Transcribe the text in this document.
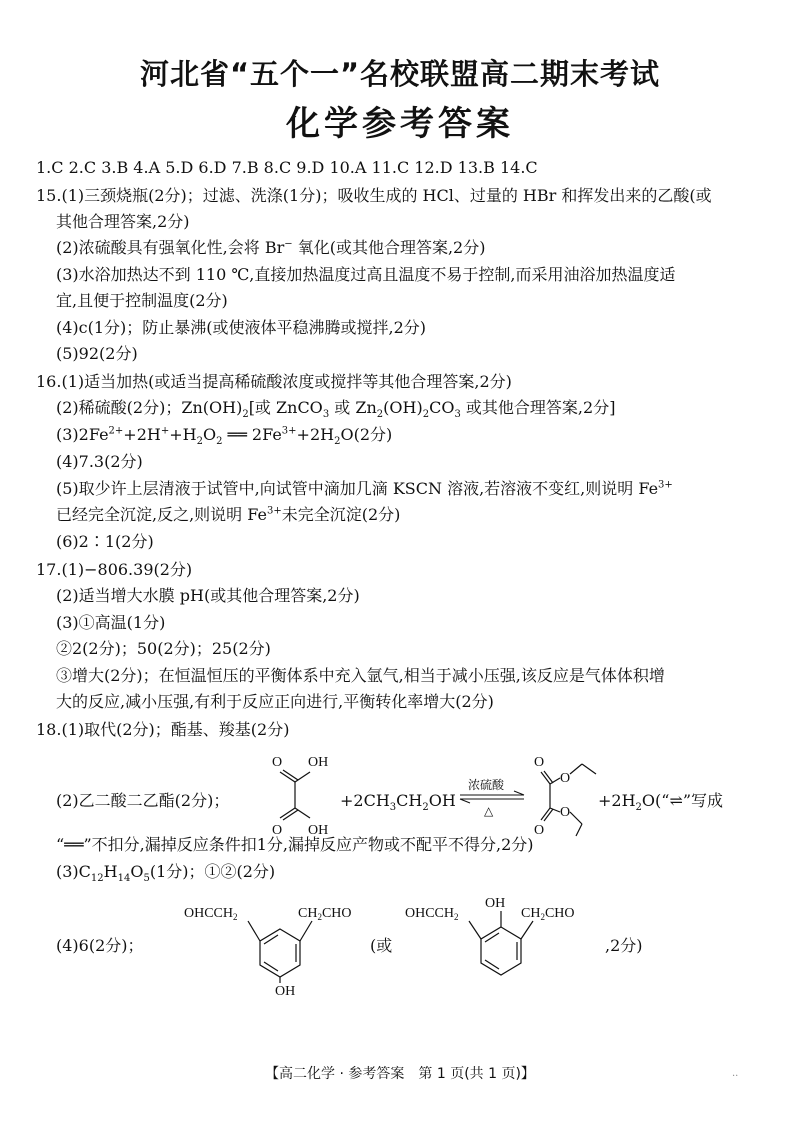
河北省“五个一”名校联盟高二期末考试
化学参考答案
1.C 2.C 3.B 4.A 5.D 6.D 7.B 8.C 9.D 10.A 11.C 12.D 13.B 14.C
15.(1)三颈烧瓶(2分)；过滤、洗涤(1分)；吸收生成的 HCl、过量的 HBr 和挥发出来的乙酸(或
其他合理答案,2分)
(2)浓硫酸具有强氧化性,会将 Br− 氧化(或其他合理答案,2分)
(3)水浴加热达不到 110 ℃,直接加热温度过高且温度不易于控制,而采用油浴加热温度适
宜,且便于控制温度(2分)
(4)c(1分)；防止暴沸(或使液体平稳沸腾或搅拌,2分)
(5)92(2分)
16.(1)适当加热(或适当提高稀硫酸浓度或搅拌等其他合理答案,2分)
(2)稀硫酸(2分)；$Zn(OH)_2$[或 ZnCO$_3$ 或 $Zn_2(OH)_2CO_3$ 或其他合理答案,2分]
$(3)2Fe^{2+}+2H^++H_2O_2$ ══ $2Fe^{3+}+2H_2O(2$分)
(4)7.3(2分)
(5)取少许上层清液于试管中,向试管中滴加几滴 KSCN 溶液,若溶液不变红,则说明 $Fe^{3+}$
已经完全沉淀,反之,则说明 $Fe^{3+}$未完全沉淀(2分)
(6)2∶1(2分)
17.(1)−806.39(2分)
(2)适当增大水膜 pH(或其他合理答案,2分)
(3)①高温(1分)
②2(2分)；50(2分)；25(2分)
③增大(2分)；在恒温恒压的平衡体系中充入氩气,相当于减小压强,该反应是气体体积增
大的反应,减小压强,有利于反应正向进行,平衡转化率增大(2分)
18.(1)取代(2分)；酯基、羧基(2分)
(2)乙二酸二乙酯(2分)；
O OH
O OH
$+2CH_3CH_2OH$
浓硫酸
△
O
O
O
O
$+2H_2O(“\rightleftharpoons$”写成
“══”不扣分,漏掉反应条件扣1分,漏掉反应产物或不配平不得分,2分)
$(3)C_{12}H_{14}O_5(1$分)；①②(2分)
(4)6(2分)；
$OHCCH_2$	$CH_2CHO$
OH
(或
$OHCCH_2$
OH
$CH_2CHO$
,2分)
【高二化学 · 参考答案　第 1 页(共 1 页)】	..
